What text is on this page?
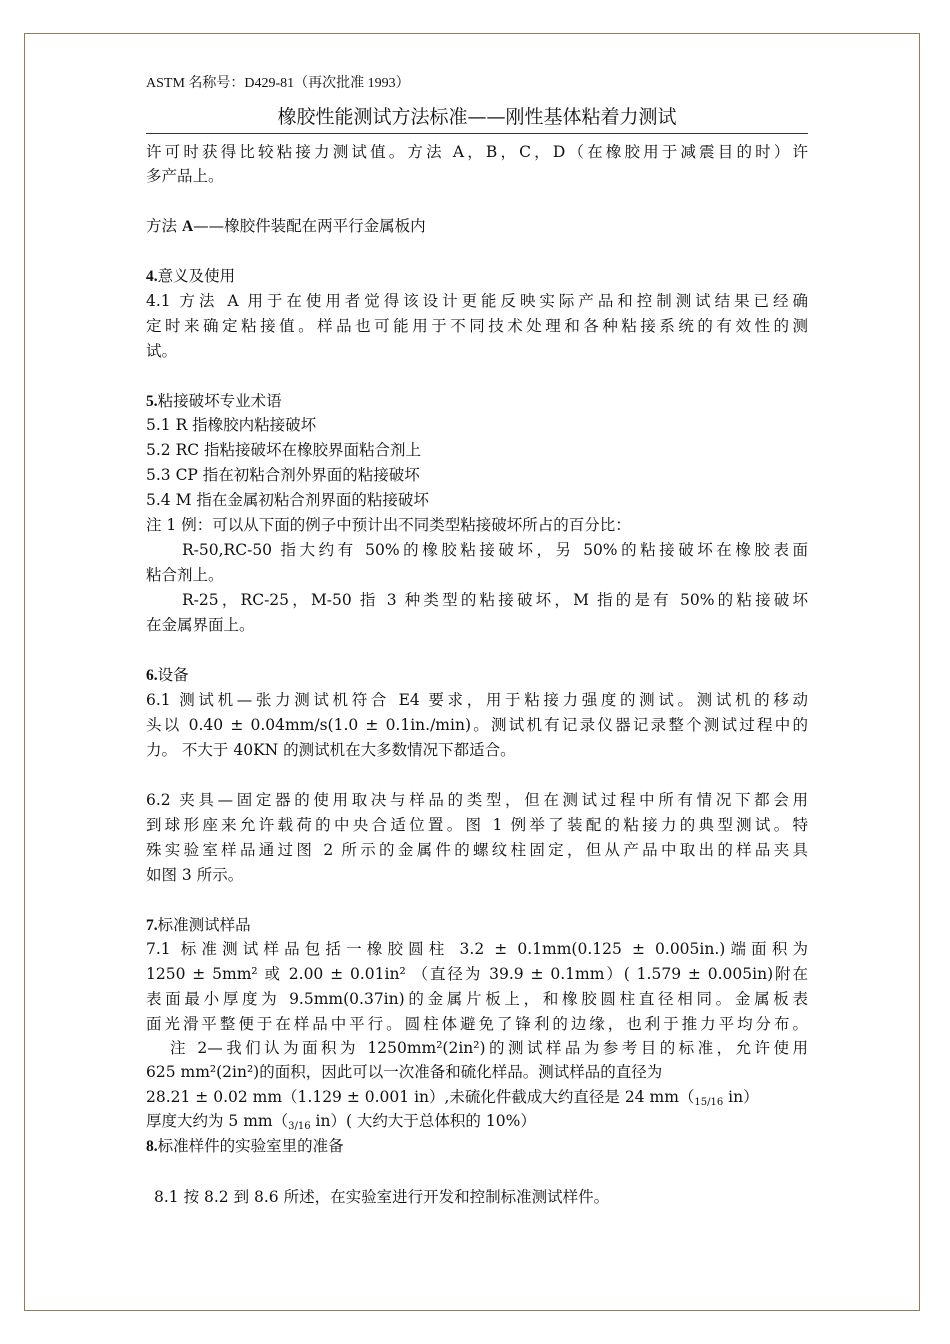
ASTM 名称号：D429-81（再次批准 1993）
橡胶性能测试方法标准——刚性基体粘着力测试
许可时获得比较粘接力测试值。方法 A，B，C，D（在橡胶用于减震目的时）许
多产品上。
方法 A——橡胶件装配在两平行金属板内
4.意义及使用
4.1 方法 A 用于在使用者觉得该设计更能反映实际产品和控制测试结果已经确
定时来确定粘接值。样品也可能用于不同技术处理和各种粘接系统的有效性的测
试。
5.粘接破坏专业术语
5.1 R 指橡胶内粘接破坏
5.2 RC 指粘接破坏在橡胶界面粘合剂上
5.3 CP 指在初粘合剂外界面的粘接破坏
5.4 M 指在金属初粘合剂界面的粘接破坏
注 1 例：可以从下面的例子中预计出不同类型粘接破坏所占的百分比：
R-50,RC-50 指大约有 50%的橡胶粘接破坏，另 50%的粘接破坏在橡胶表面
粘合剂上。
R-25，RC-25，M-50 指 3 种类型的粘接破坏，M 指的是有 50%的粘接破坏
在金属界面上。
6.设备
6.1 测试机—张力测试机符合 E4 要求，用于粘接力强度的测试。测试机的移动
头以 0.40 ± 0.04mm/s(1.0 ± 0.1in./min)。测试机有记录仪器记录整个测试过程中的
力。 不大于 40KN 的测试机在大多数情况下都适合。
6.2 夹具—固定器的使用取决与样品的类型，但在测试过程中所有情况下都会用
到球形座来允许载荷的中央合适位置。图 1 例举了装配的粘接力的典型测试。特
殊实验室样品通过图 2 所示的金属件的螺纹柱固定，但从产品中取出的样品夹具
如图 3 所示。
7.标准测试样品
7.1 标准测试样品包括一橡胶圆柱 3.2 ± 0.1mm(0.125 ± 0.005in.)端面积为
1250 ± 5mm² 或 2.00 ± 0.01in² （直径为 39.9 ± 0.1mm）( 1.579 ± 0.005in)附在
表面最小厚度为 9.5mm(0.37in)的金属片板上，和橡胶圆柱直径相同。金属板表
面光滑平整便于在样品中平行。圆柱体避免了锋利的边缘，也利于推力平均分布。
注 2—我们认为面积为 1250mm²(2in²)的测试样品为参考目的标准，允许使用
625 mm²(2in²)的面积，因此可以一次准备和硫化样品。测试样品的直径为
28.21 ± 0.02 mm（1.129 ± 0.001 in）,未硫化件截成大约直径是 24 $mm(_{15/16}$ in）
厚度大约为 5 $mm(_{3/16}$ in）( 大约大于总体积的 10%）
8.标准样件的实验室里的准备
8.1 按 8.2 到 8.6 所述，在实验室进行开发和控制标准测试样件。
